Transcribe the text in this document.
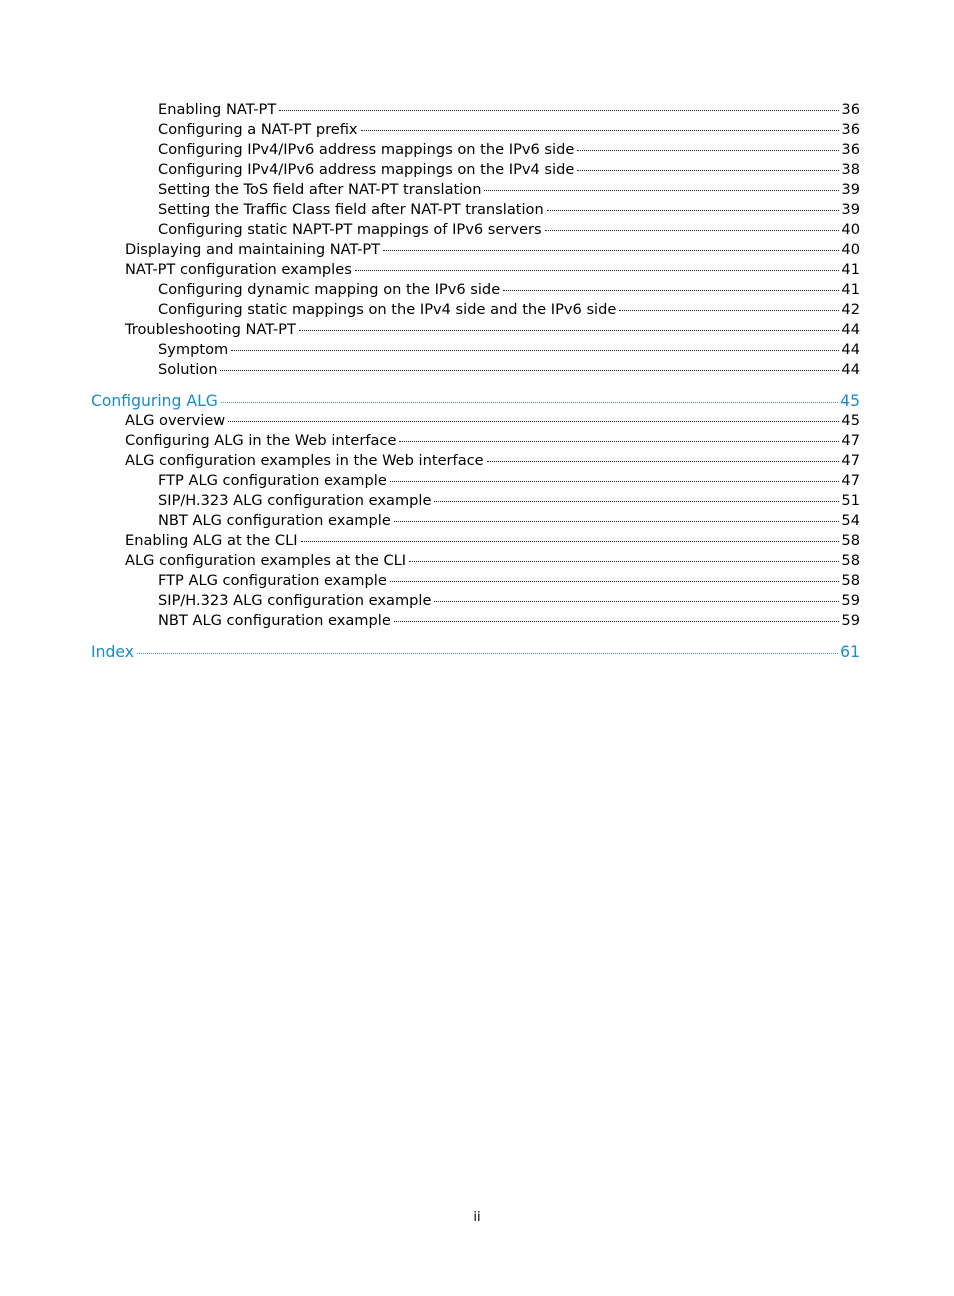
Enabling NAT-PT	36
Configuring a NAT-PT prefix	36
Configuring IPv4/IPv6 address mappings on the IPv6 side	36
Configuring IPv4/IPv6 address mappings on the IPv4 side	38
Setting the ToS field after NAT-PT translation	39
Setting the Traffic Class field after NAT-PT translation	39
Configuring static NAPT-PT mappings of IPv6 servers	40
Displaying and maintaining NAT-PT	40
NAT-PT configuration examples	41
Configuring dynamic mapping on the IPv6 side	41
Configuring static mappings on the IPv4 side and the IPv6 side	42
Troubleshooting NAT-PT	44
Symptom	44
Solution	44
Configuring ALG	45
ALG overview	45
Configuring ALG in the Web interface	47
ALG configuration examples in the Web interface	47
FTP ALG configuration example	47
SIP/H.323 ALG configuration example	51
NBT ALG configuration example	54
Enabling ALG at the CLI	58
ALG configuration examples at the CLI	58
FTP ALG configuration example	58
SIP/H.323 ALG configuration example	59
NBT ALG configuration example	59
Index	61
ii
